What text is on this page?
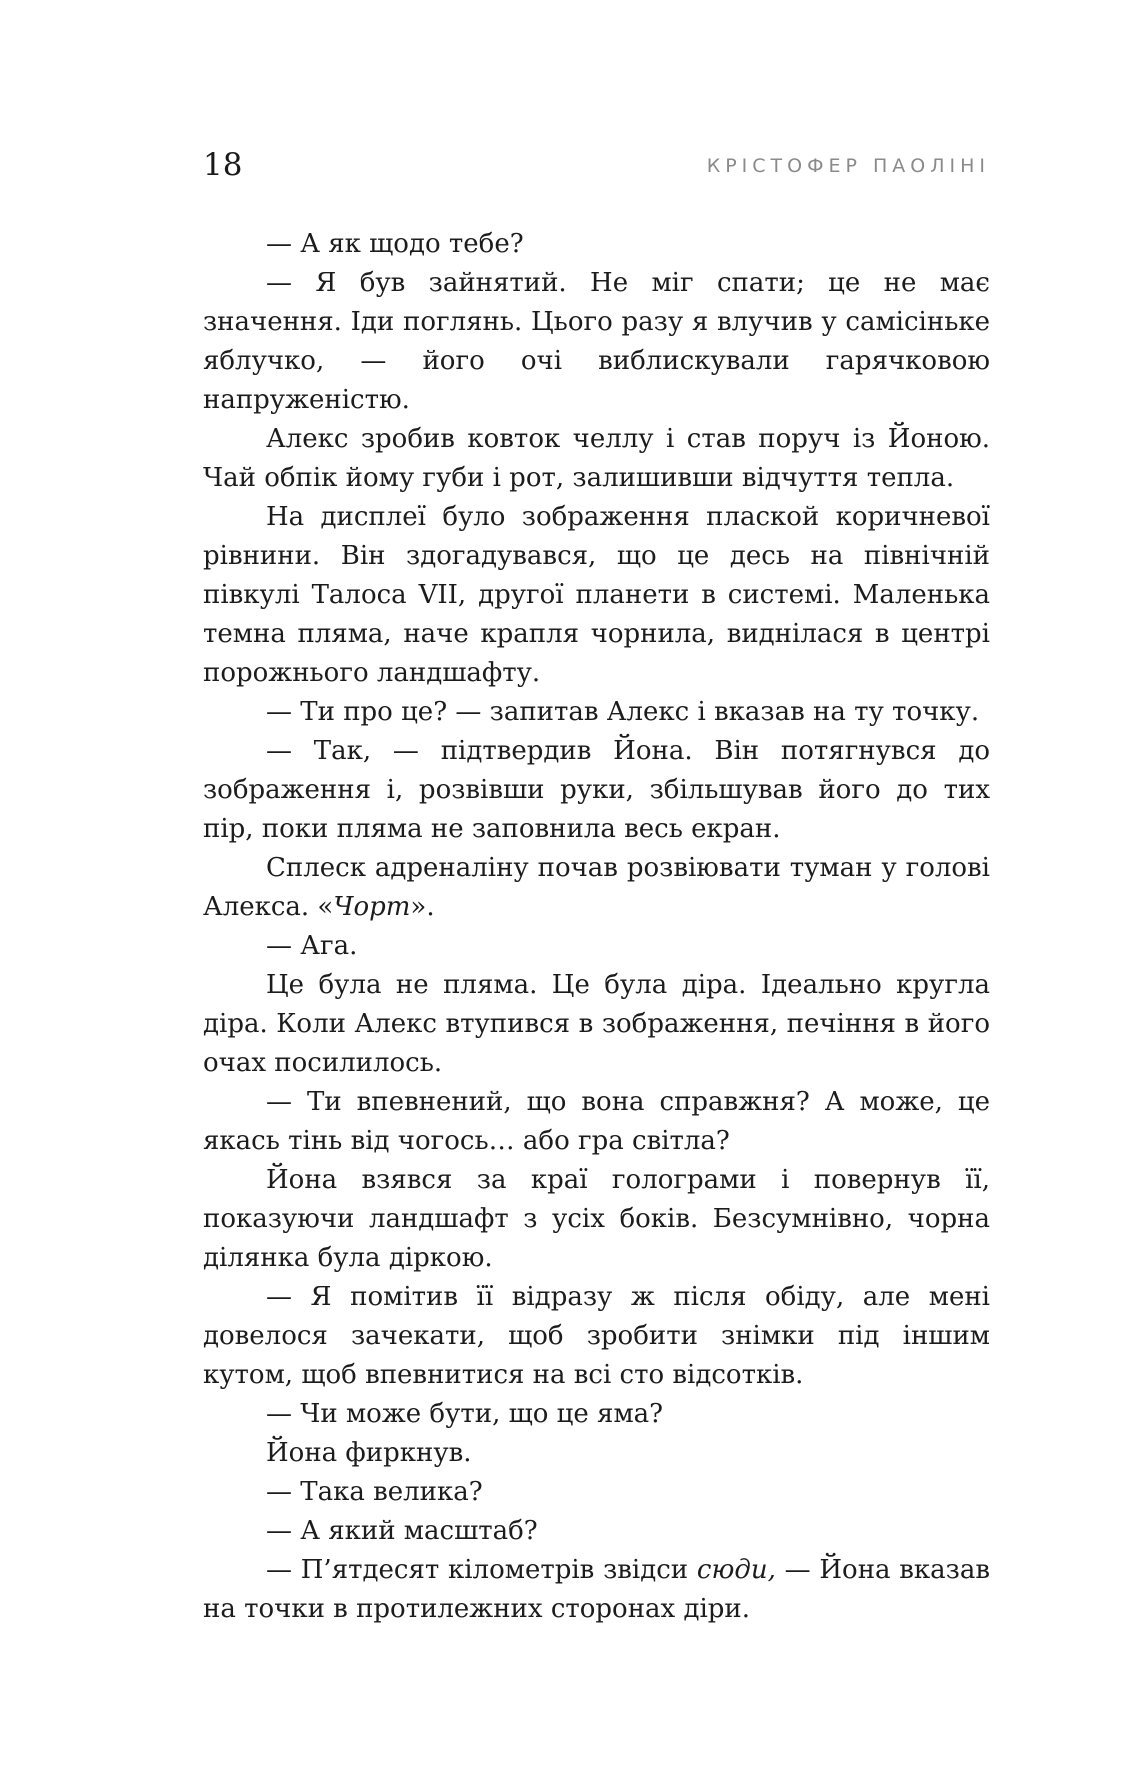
18	КРІСТОФЕР ПАОЛІНІ

— А як щодо тебе?

— Я був зайнятий. Не міг спати; це не має значення. Іди поглянь. Цього разу я влучив у самісіньке яблучко, — його очі виблискували гарячковою напруженістю.

Алекс зробив ковток челлу і став поруч із Йоною. Чай обпік йому губи і рот, залишивши відчуття тепла.

На дисплеї було зображення плаской коричневої рівнини. Він здогадувався, що це десь на північній півкулі Талоса VII, другої планети в системі. Маленька темна пляма, наче крапля чорнила, виднілася в центрі порожнього ландшафту.

— Ти про це? — запитав Алекс і вказав на ту точку.

— Так, — підтвердив Йона. Він потягнувся до зображення і, розвівши руки, збільшував його до тих пір, поки пляма не заповнила весь екран.

Сплеск адреналіну почав розвіювати туман у голові Алекса. «Чорт».

— Ага.

Це була не пляма. Це була діра. Ідеально кругла діра. Коли Алекс втупився в зображення, печіння в його очах посилилось.

— Ти впевнений, що вона справжня? А може, це якась тінь від чогось… або гра світла?

Йона взявся за краї голограми і повернув її, показуючи ландшафт з усіх боків. Безсумнівно, чорна ділянка була діркою.

— Я помітив її відразу ж після обіду, але мені довелося зачекати, щоб зробити знімки під іншим кутом, щоб впевнитися на всі сто відсотків.

— Чи може бути, що це яма?

Йона фиркнув.

— Така велика?

— А який масштаб?

— П’ятдесят кілометрів звідси сюди, — Йона вказав на точки в протилежних сторонах діри.
